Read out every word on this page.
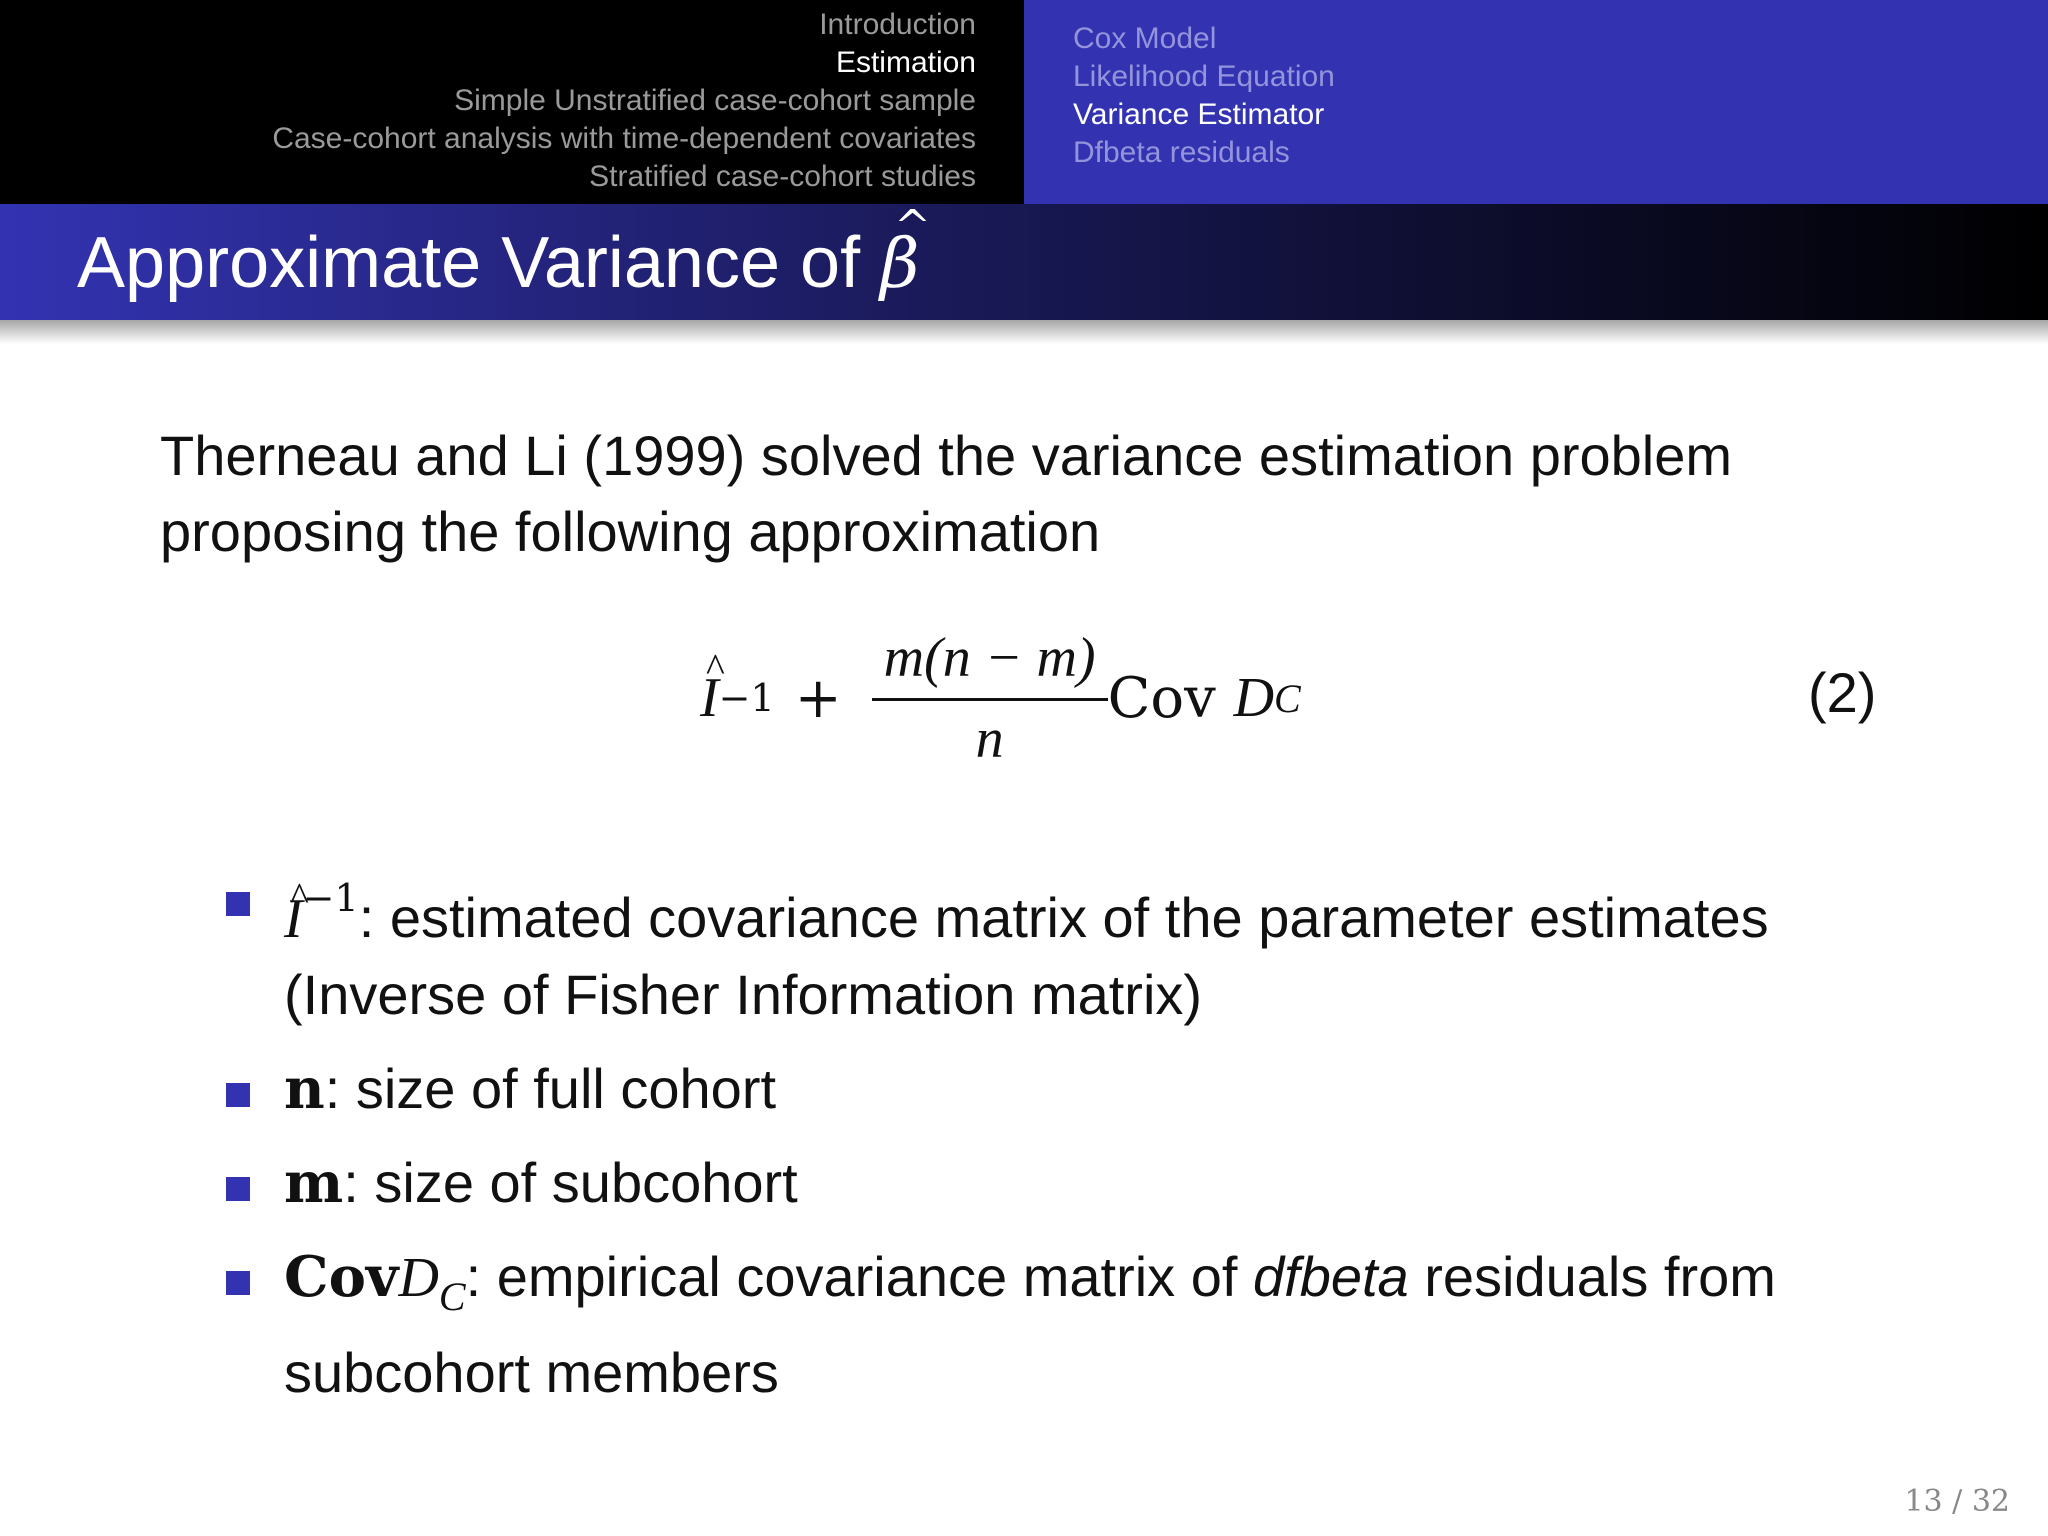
Introduction
Estimation
Simple Unstratified case-cohort sample
Case-cohort analysis with time-dependent covariates
Stratified case-cohort studies
Cox Model
Likelihood Equation
Variance Estimator
Dfbeta residuals
Approximate Variance of ^ β
Therneau and Li (1999) solved the variance estimation problem proposing the following approximation
^ $I -1 + \frac{m(n - m)}{n}$ Cov
D C	(2)
^ $I^{-1}$: estimated covariance matrix of the parameter estimates (Inverse of Fisher Information matrix)
n: size of full cohort
m: size of subcohort
CovD$_C$: empirical covariance matrix of dfbeta residuals from subcohort members
13 / 32
